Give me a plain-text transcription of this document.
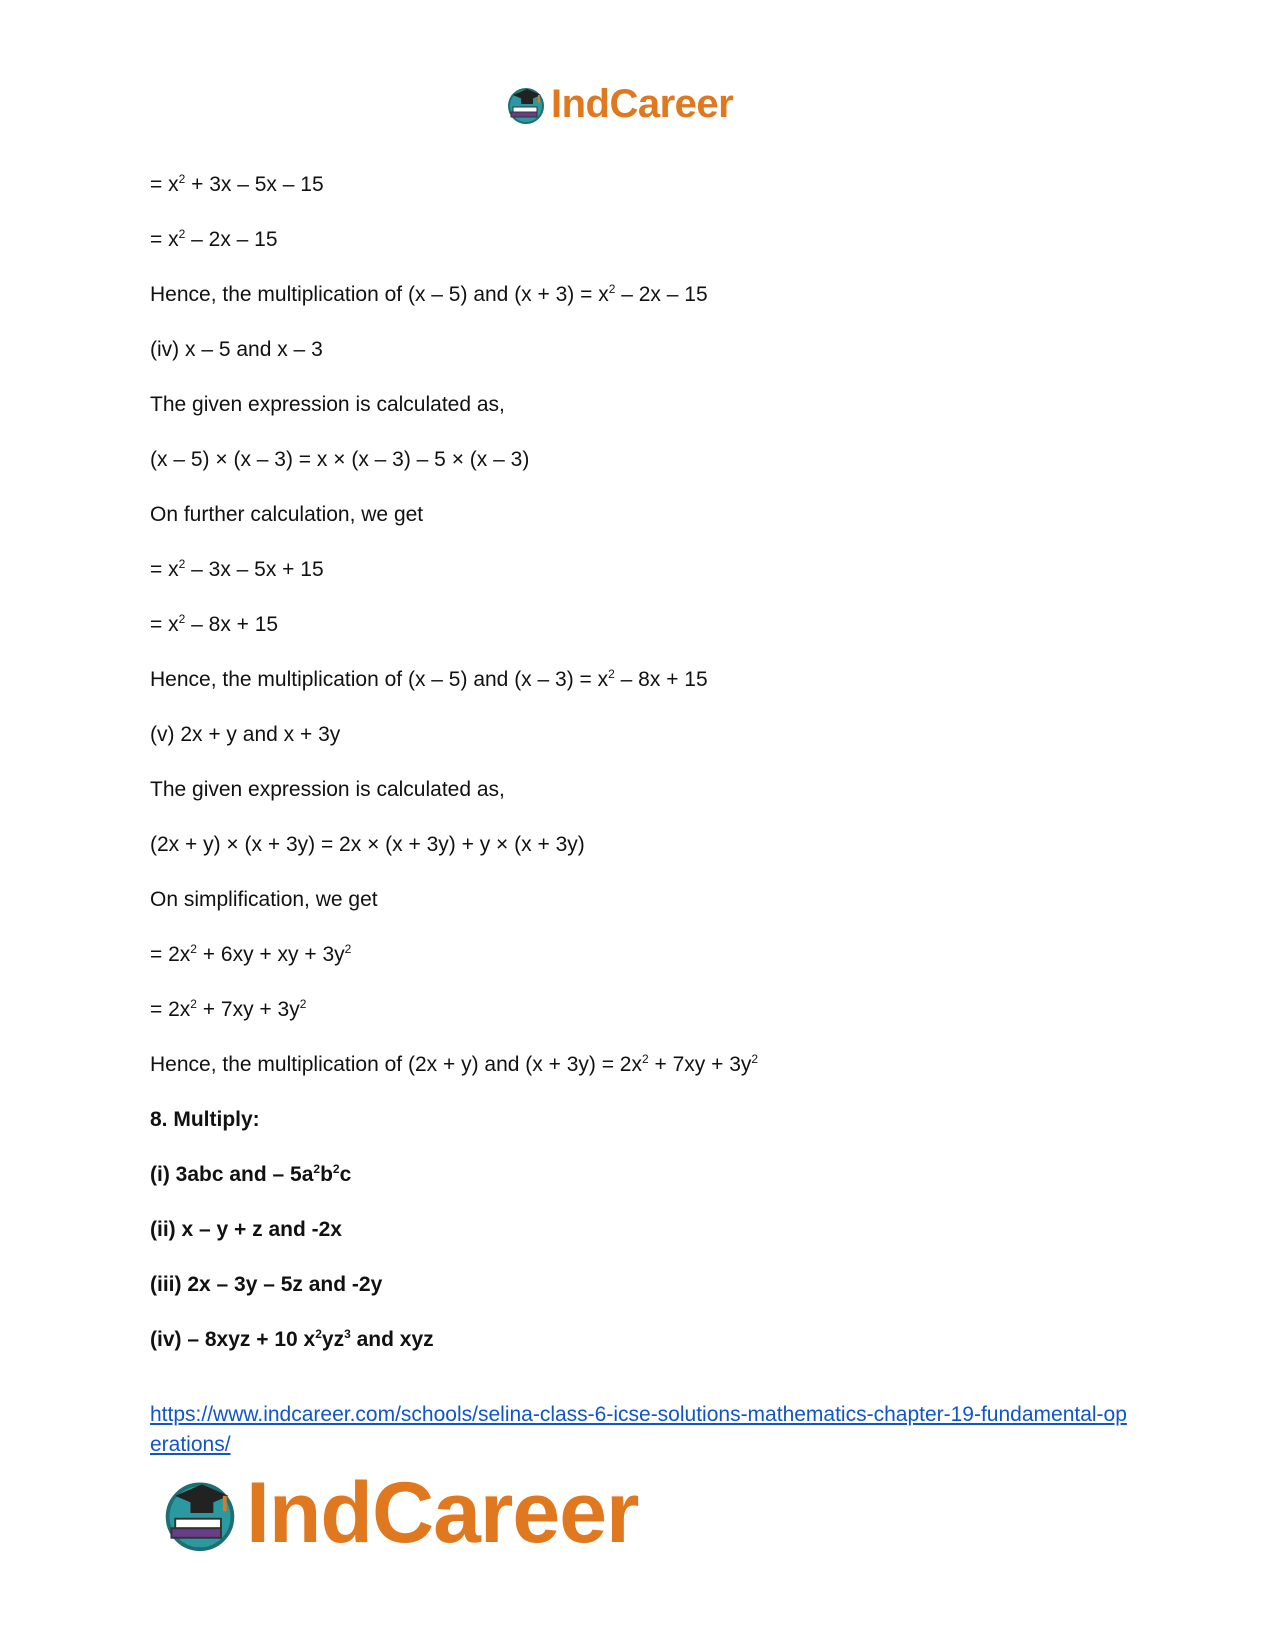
IndCareer
= $x^2 + 3x - 5x - 15$
= $x^2 - 2x - 15$
Hence, the multiplication of (x – 5) and $(x + 3) = x^2 - 2x - 15$
(iv) x – 5 and x – 3
The given expression is calculated as,
(x – 5) × (x – 3) = x × (x – 3) – 5 × (x – 3)
On further calculation, we get
= $x^2 - 3x - 5x + 15$
= $x^2 - 8x + 15$
Hence, the multiplication of (x – 5) and $(x - 3) = x^2 - 8x + 15$
(v) 2x + y and x + 3y
The given expression is calculated as,
(2x + y) × (x + 3y) = 2x × (x + 3y) + y × (x + 3y)
On simplification, we get
= $2x^2 + 6xy$ + xy + $3y^2$
= $2x^2 + 7xy + 3y^2$
Hence, the multiplication of (2x + y) and $(x + 3y) = 2x^2 + 7xy + 3y^2$
8. Multiply:
(i) 3abc and – $5a^2b^2c$
(ii) x – y + z and -2x
(iii) 2x – 3y – 5z and -2y
(iv) – 8xyz + 10 $x^2yz^3$ and xyz
https://www.indcareer.com/schools/selina-class-6-icse-solutions-mathematics-chapter-19-fundamental-operations/
IndCareer
